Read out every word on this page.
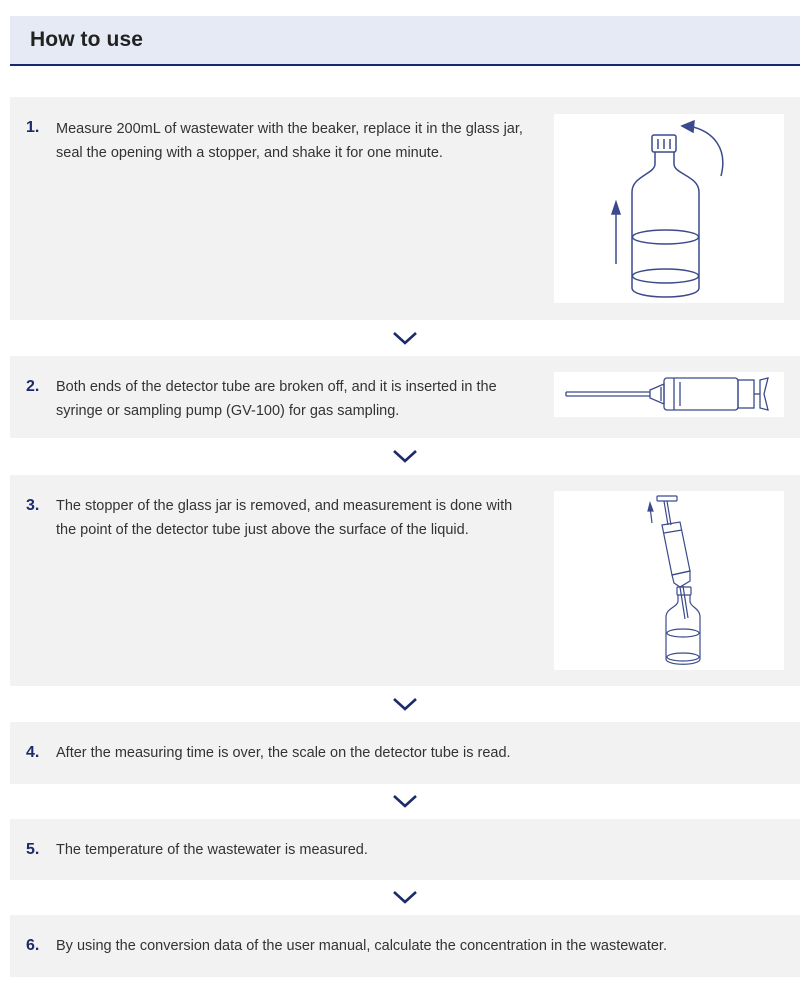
How to use
1. Measure 200mL of wastewater with the beaker, replace it in the glass jar, seal the opening with a stopper, and shake it for one minute.
2. Both ends of the detector tube are broken off, and it is inserted in the syringe or sampling pump (GV-100) for gas sampling.
3. The stopper of the glass jar is removed, and measurement is done with the point of the detector tube just above the surface of the liquid.
4. After the measuring time is over, the scale on the detector tube is read.
5. The temperature of the wastewater is measured.
6. By using the conversion data of the user manual, calculate the concentration in the wastewater.
